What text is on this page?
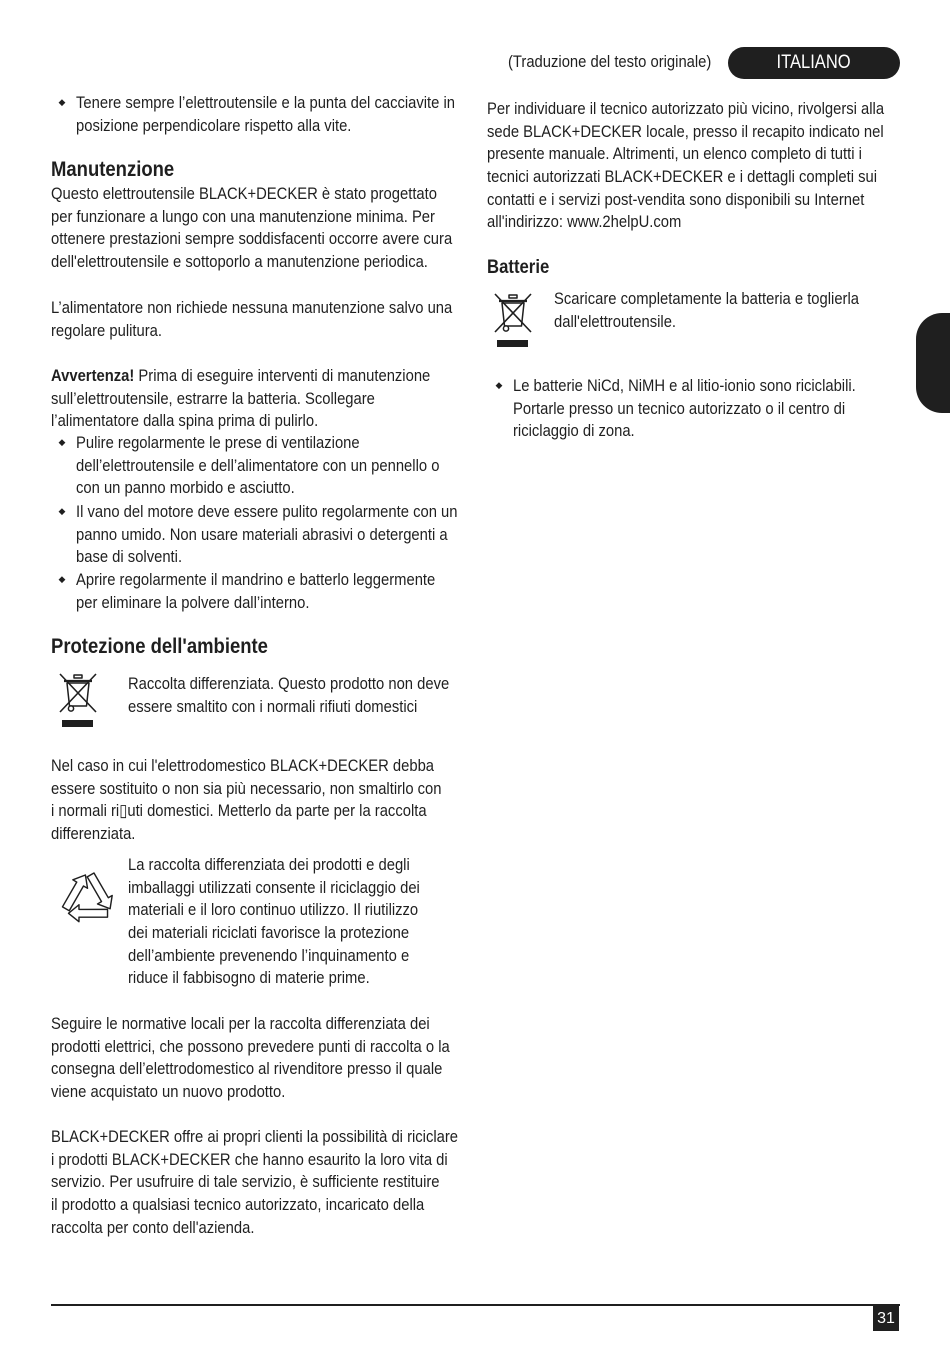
(Traduzione del testo originale)	ITALIANO
◆ Tenere sempre l’elettroutensile e la punta del cacciavite in
posizione perpendicolare rispetto alla vite.
Manutenzione
Questo elettroutensile BLACK+DECKER è stato progettato
per funzionare a lungo con una manutenzione minima. Per
ottenere prestazioni sempre soddisfacenti occorre avere cura
dell'elettroutensile e sottoporlo a manutenzione periodica.
L’alimentatore non richiede nessuna manutenzione salvo una
regolare pulitura.
Avvertenza! Prima di eseguire interventi di manutenzione
sull’elettroutensile, estrarre la batteria. Scollegare
l’alimentatore dalla spina prima di pulirlo.
◆ Pulire regolarmente le prese di ventilazione
dell’elettroutensile e dell’alimentatore con un pennello o
con un panno morbido e asciutto.
◆ Il vano del motore deve essere pulito regolarmente con un
panno umido. Non usare materiali abrasivi o detergenti a
base di solventi.
◆ Aprire regolarmente il mandrino e batterlo leggermente
per eliminare la polvere dall’interno.
Protezione dell'ambiente
Raccolta differenziata. Questo prodotto non deve
essere smaltito con i normali rifiuti domestici
Nel caso in cui l'elettrodomestico BLACK+DECKER debba
essere sostituito o non sia più necessario, non smaltirlo con
i normali ri▯uti domestici. Metterlo da parte per la raccolta
differenziata.
La raccolta differenziata dei prodotti e degli
imballaggi utilizzati consente il riciclaggio dei
materiali e il loro continuo utilizzo. Il riutilizzo
dei materiali riciclati favorisce la protezione
dell’ambiente prevenendo l’inquinamento e
riduce il fabbisogno di materie prime.
Seguire le normative locali per la raccolta differenziata dei
prodotti elettrici, che possono prevedere punti di raccolta o la
consegna dell’elettrodomestico al rivenditore presso il quale
viene acquistato un nuovo prodotto.
BLACK+DECKER offre ai propri clienti la possibilità di riciclare
i prodotti BLACK+DECKER che hanno esaurito la loro vita di
servizio. Per usufruire di tale servizio, è sufficiente restituire
il prodotto a qualsiasi tecnico autorizzato, incaricato della
raccolta per conto dell'azienda.
Per individuare il tecnico autorizzato più vicino, rivolgersi alla
sede BLACK+DECKER locale, presso il recapito indicato nel
presente manuale. Altrimenti, un elenco completo di tutti i
tecnici autorizzati BLACK+DECKER e i dettagli completi sui
contatti e i servizi post-vendita sono disponibili su Internet
all'indirizzo: www.2helpU.com
Batterie
Scaricare completamente la batteria e toglierla
dall'elettroutensile.
◆ Le batterie NiCd, NiMH e al litio-ionio sono riciclabili.
Portarle presso un tecnico autorizzato o il centro di
riciclaggio di zona.
31
